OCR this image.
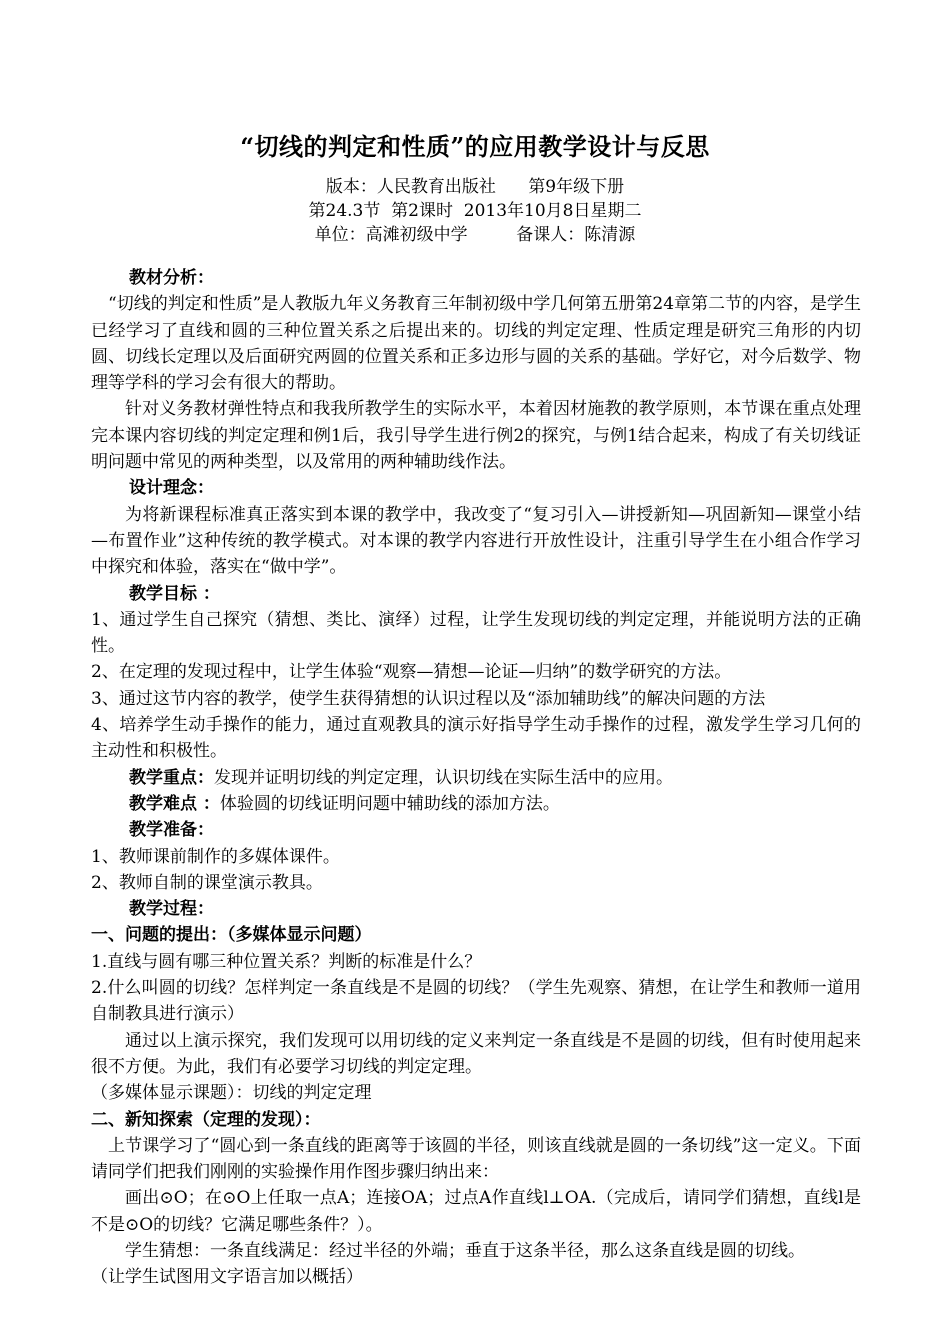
“切线的判定和性质”的应用教学设计与反思
版本：人民教育出版社      第9年级下册
第24.3节  第2课时  2013年10月8日星期二
单位：高滩初级中学         备课人：陈清源

教材分析：

“切线的判定和性质”是人教版九年义务教育三年制初级中学几何第五册第24章第二节的内容，是学生已经学习了直线和圆的三种位置关系之后提出来的。切线的判定定理、性质定理是研究三角形的内切圆、切线长定理以及后面研究两圆的位置关系和正多边形与圆的关系的基础。学好它，对今后数学、物理等学科的学习会有很大的帮助。

针对义务教材弹性特点和我我所教学生的实际水平，本着因材施教的教学原则，本节课在重点处理完本课内容切线的判定定理和例1后，我引导学生进行例2的探究，与例1结合起来，构成了有关切线证明问题中常见的两种类型，以及常用的两种辅助线作法。

设计理念：

为将新课程标准真正落实到本课的教学中，我改变了“复习引入—讲授新知—巩固新知—课堂小结—布置作业”这种传统的教学模式。对本课的教学内容进行开放性设计，注重引导学生在小组合作学习中探究和体验，落实在“做中学”。

教学目标 ：

1、通过学生自己探究（猜想、类比、演绎）过程，让学生发现切线的判定定理，并能说明方法的正确性。

2、在定理的发现过程中，让学生体验“观察—猜想—论证—归纳”的数学研究的方法。

3、通过这节内容的教学，使学生获得猜想的认识过程以及“添加辅助线”的解决问题的方法

4、培养学生动手操作的能力，通过直观教具的演示好指导学生动手操作的过程，激发学生学习几何的主动性和积极性。

教学重点：发现并证明切线的判定定理，认识切线在实际生活中的应用。

教学难点 ：体验圆的切线证明问题中辅助线的添加方法。

教学准备：

1、教师课前制作的多媒体课件。

2、教师自制的课堂演示教具。

教学过程：

一、问题的提出：（多媒体显示问题）

1.直线与圆有哪三种位置关系？判断的标准是什么？

2.什么叫圆的切线？怎样判定一条直线是不是圆的切线？（学生先观察、猜想，在让学生和教师一道用自制教具进行演示）

通过以上演示探究，我们发现可以用切线的定义来判定一条直线是不是圆的切线，但有时使用起来很不方便。为此，我们有必要学习切线的判定定理。

（多媒体显示课题）：切线的判定定理

二、新知探索（定理的发现）：

上节课学习了“圆心到一条直线的距离等于该圆的半径，则该直线就是圆的一条切线”这一定义。下面请同学们把我们刚刚的实验操作用作图步骤归纳出来：

画出⊙O；在⊙O上任取一点A；连接OA；过点A作直线l⊥OA.（完成后，请同学们猜想，直线l是不是⊙O的切线？它满足哪些条件？）。

学生猜想：一条直线满足：经过半径的外端；垂直于这条半径，那么这条直线是圆的切线。

（让学生试图用文字语言加以概括）
